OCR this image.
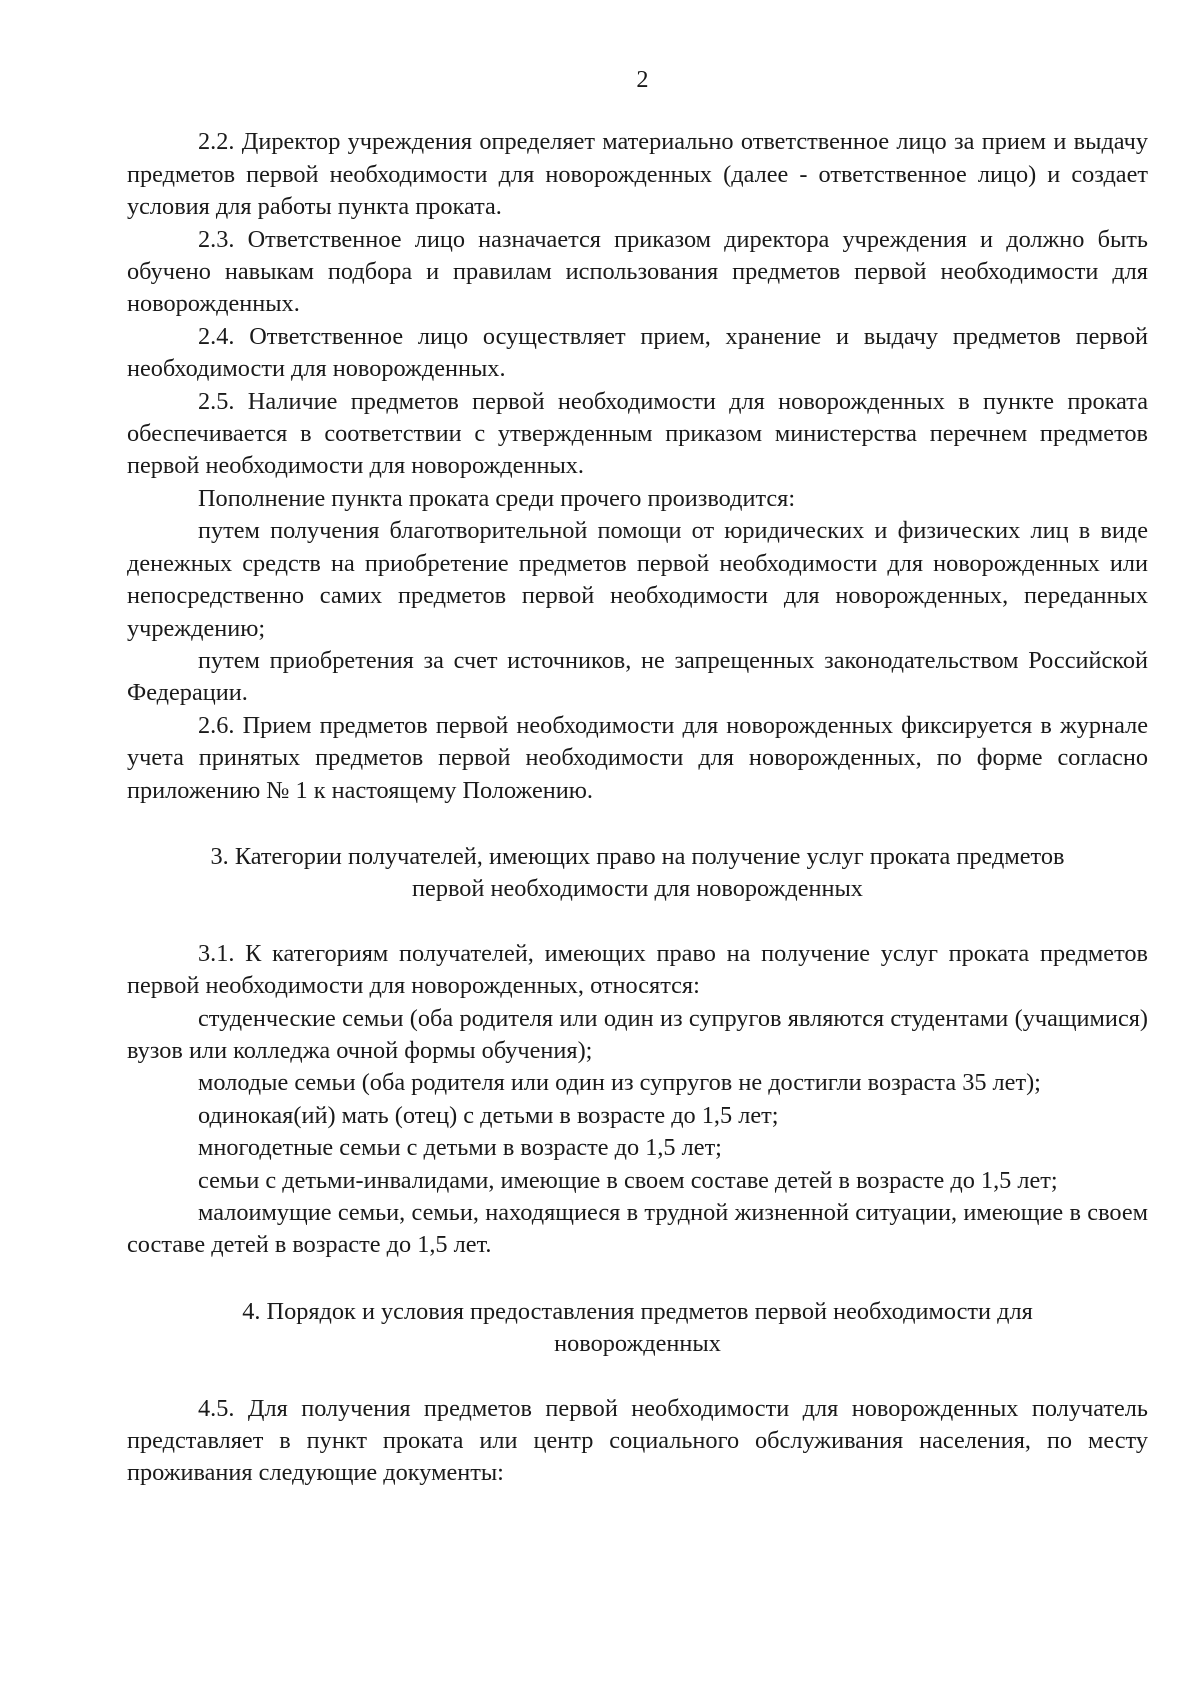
2

2.2. Директор учреждения определяет материально ответственное лицо за прием и выдачу предметов первой необходимости для новорожденных (далее - ответственное лицо) и создает условия для работы пункта проката.

2.3. Ответственное лицо назначается приказом директора учреждения и должно быть обучено навыкам подбора и правилам использования предметов первой необходимости для новорожденных.

2.4. Ответственное лицо осуществляет прием, хранение и выдачу предметов первой необходимости для новорожденных.

2.5. Наличие предметов первой необходимости для новорожденных в пункте проката обеспечивается в соответствии с утвержденным приказом министерства перечнем предметов первой необходимости для новорожденных.

Пополнение пункта проката среди прочего производится:

путем получения благотворительной помощи от юридических и физических лиц в виде денежных средств на приобретение предметов первой необходимости для новорожденных или непосредственно самих предметов первой необходимости для новорожденных, переданных учреждению;

путем приобретения за счет источников, не запрещенных законодательством Российской Федерации.

2.6. Прием предметов первой необходимости для новорожденных фиксируется в журнале учета принятых предметов первой необходимости для новорожденных, по форме согласно приложению № 1 к настоящему Положению.

3. Категории получателей, имеющих право на получение услуг проката предметов
первой необходимости для новорожденных

3.1. К категориям получателей, имеющих право на получение услуг проката предметов первой необходимости для новорожденных, относятся:

студенческие семьи (оба родителя или один из супругов являются студентами (учащимися) вузов или колледжа очной формы обучения);

молодые семьи (оба родителя или один из супругов не достигли возраста 35 лет);

одинокая(ий) мать (отец) с детьми в возрасте до 1,5 лет;

многодетные семьи с детьми в возрасте до 1,5 лет;

семьи с детьми-инвалидами, имеющие в своем составе детей в возрасте до 1,5 лет;

малоимущие семьи, семьи, находящиеся в трудной жизненной ситуации, имеющие в своем составе детей в возрасте до 1,5 лет.

4. Порядок и условия предоставления предметов первой необходимости для
новорожденных

4.5. Для получения предметов первой необходимости для новорожденных получатель представляет в пункт проката или центр социального обслуживания населения, по месту проживания следующие документы:
